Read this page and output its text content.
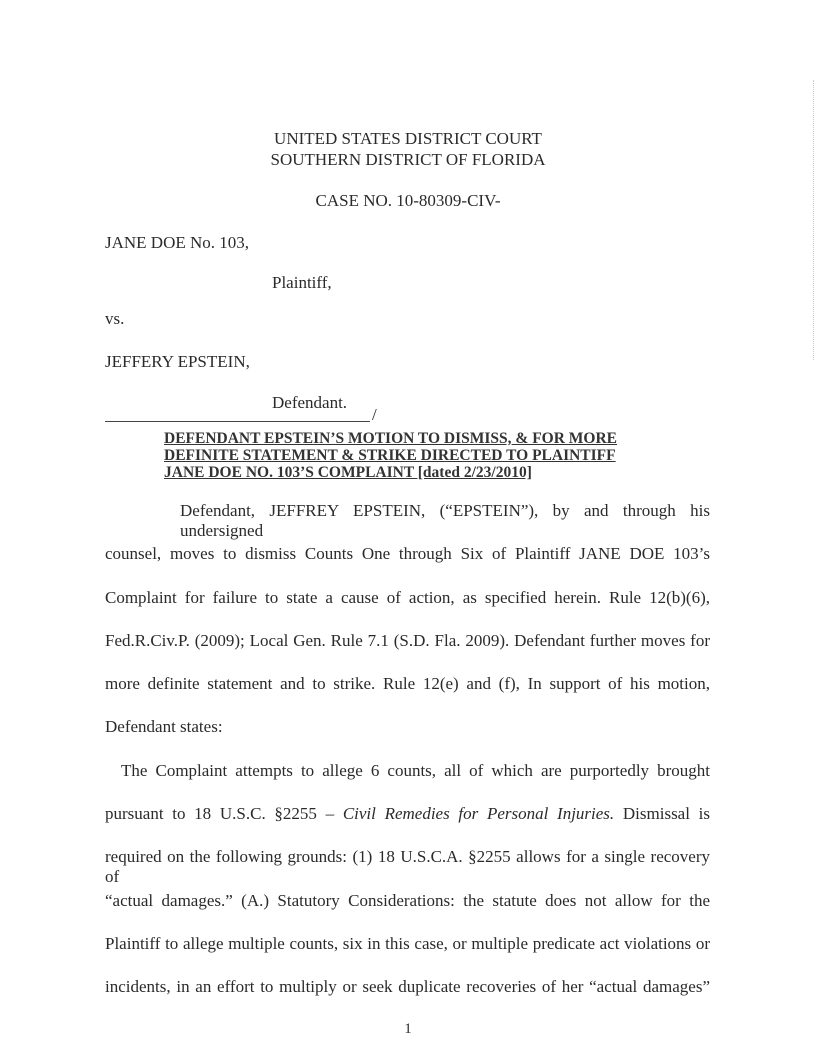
UNITED STATES DISTRICT COURT
SOUTHERN DISTRICT OF FLORIDA
CASE NO. 10-80309-CIV-
JANE DOE No. 103,
Plaintiff,
vs.
JEFFERY EPSTEIN,
Defendant.
/
DEFENDANT EPSTEIN’S MOTION TO DISMISS, & FOR MORE
DEFINITE STATEMENT & STRIKE DIRECTED TO PLAINTIFF
JANE DOE NO. 103’S COMPLAINT [dated 2/23/2010]
Defendant, JEFFREY EPSTEIN, (“EPSTEIN”), by and through his undersigned
counsel, moves to dismiss Counts One through Six of Plaintiff JANE DOE 103’s
Complaint for failure to state a cause of action, as specified herein. Rule 12(b)(6),
Fed.R.Civ.P. (2009); Local Gen. Rule 7.1 (S.D. Fla. 2009). Defendant further moves for
more definite statement and to strike. Rule 12(e) and (f), In support of his motion,
Defendant states:
The Complaint attempts to allege 6 counts, all of which are purportedly brought
pursuant to 18 U.S.C. §2255 – Civil Remedies for Personal Injuries. Dismissal is
required on the following grounds: (1) 18 U.S.C.A. §2255 allows for a single recovery of
“actual damages.” (A.) Statutory Considerations: the statute does not allow for the
Plaintiff to allege multiple counts, six in this case, or multiple predicate act violations or
incidents, in an effort to multiply or seek duplicate recoveries of her “actual damages”
1
